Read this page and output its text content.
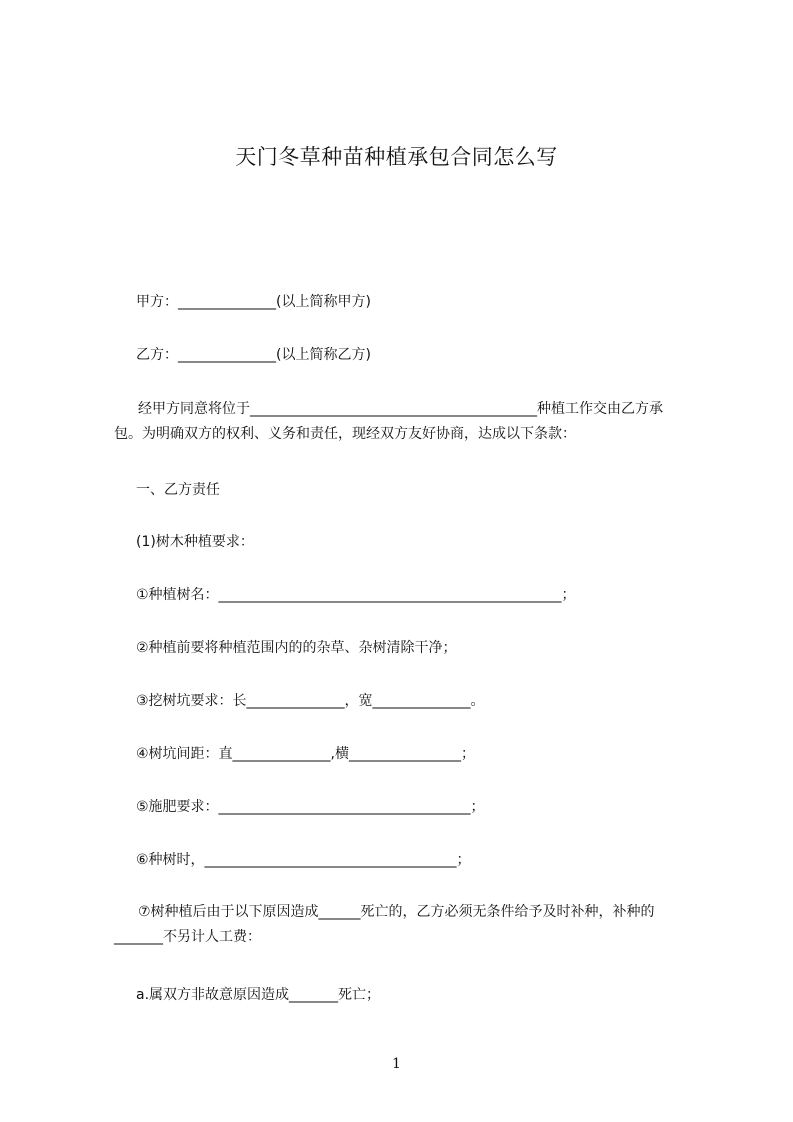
天门冬草种苗种植承包合同怎么写
甲方：______________(以上简称甲方)
乙方：______________(以上简称乙方)
经甲方同意将位于_________________________________________种植工作交由乙方承包。为明确双方的权利、义务和责任，现经双方友好协商，达成以下条款：
一、乙方责任
(1)树木种植要求：
①种植树名：_________________________________________________；
②种植前要将种植范围内的的杂草、杂树清除干净；
③挖树坑要求：长______________，宽______________。
④树坑间距：直______________,横________________；
⑤施肥要求：____________________________________；
⑥种树时，____________________________________；
⑦树种植后由于以下原因造成______死亡的，乙方必须无条件给予及时补种，补种的_______不另计人工费：
a.属双方非故意原因造成_______死亡；
1
